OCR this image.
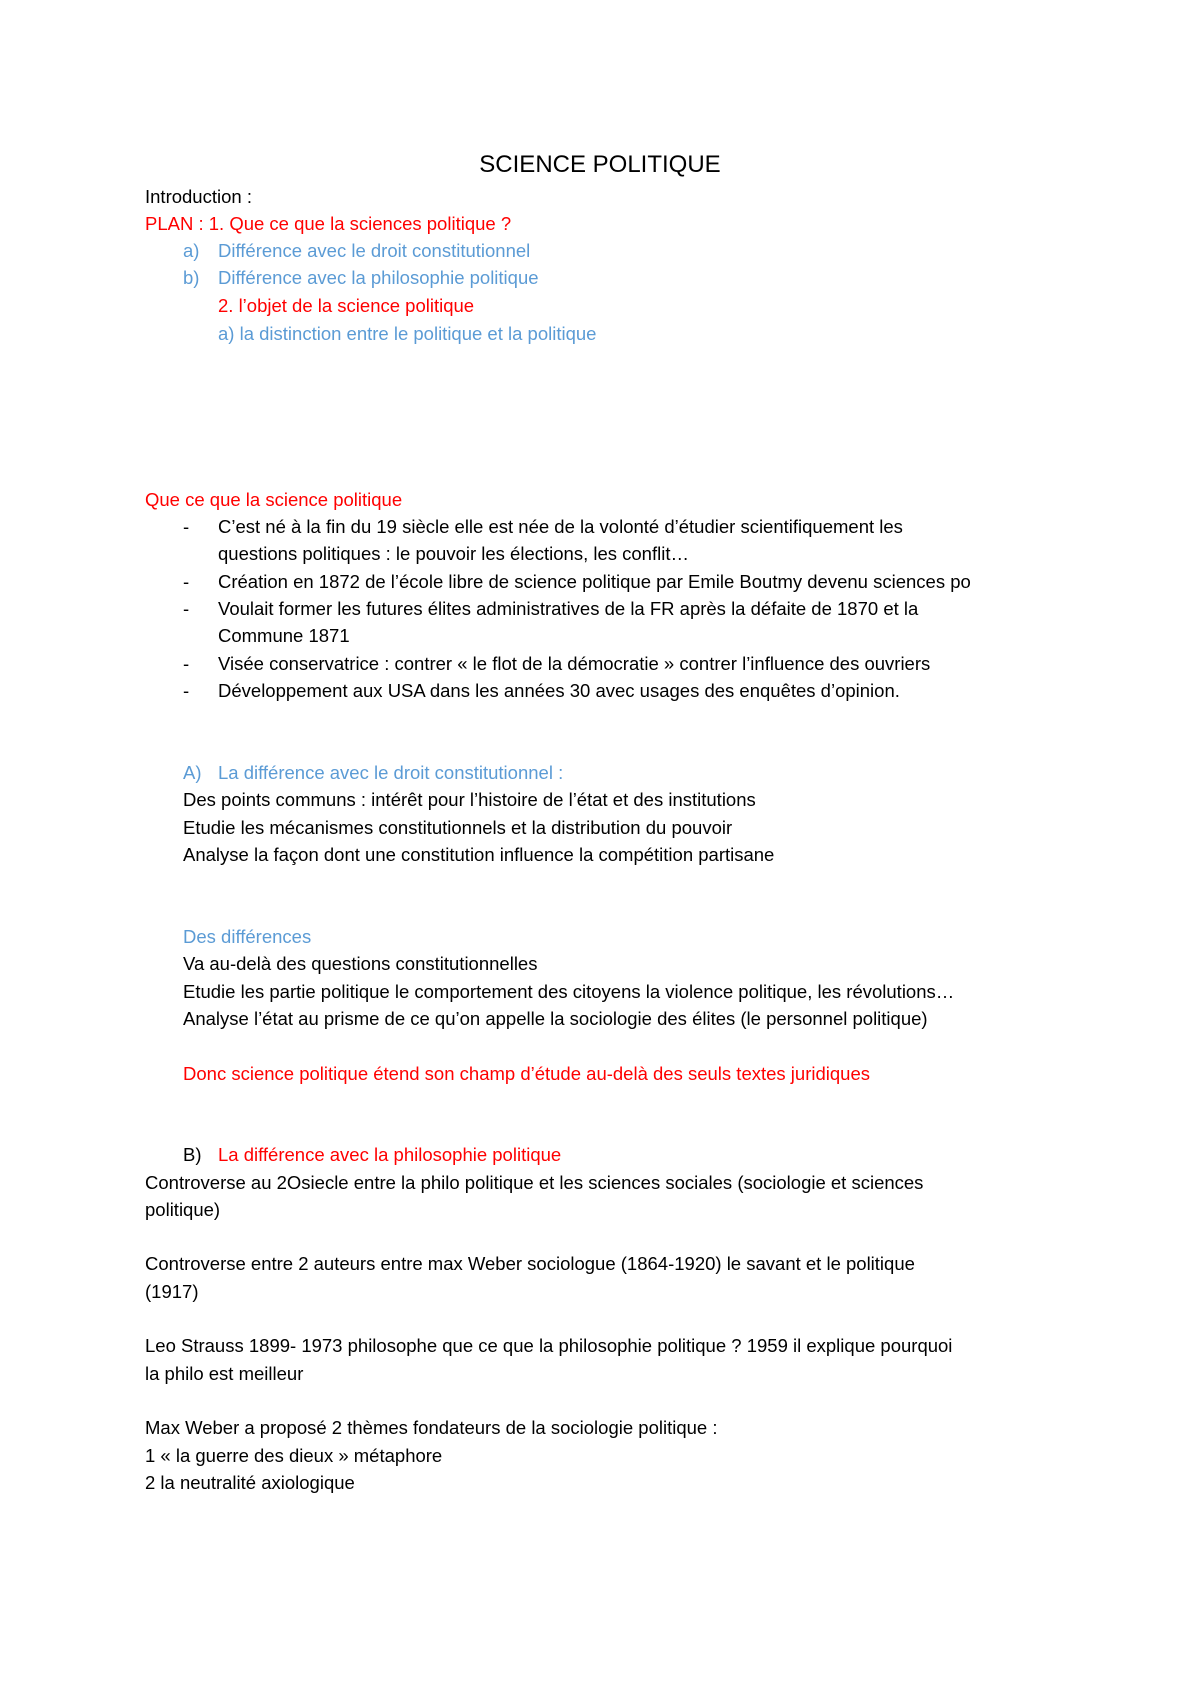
SCIENCE POLITIQUE
Introduction :
PLAN : 1. Que ce que la sciences politique ?
a) Différence avec le droit constitutionnel
b) Différence avec la philosophie politique
2. l’objet de la science politique
a) la distinction entre le politique et la politique
Que ce que la science politique
- C’est né à la fin du 19 siècle elle est née de la volonté d’étudier scientifiquement les
questions politiques : le pouvoir les élections, les conflit…
- Création en 1872 de l’école libre de science politique par Emile Boutmy devenu sciences po
- Voulait former les futures élites administratives de la FR après la défaite de 1870 et la
Commune 1871
- Visée conservatrice : contrer « le flot de la démocratie » contrer l’influence des ouvriers
- Développement aux USA dans les années 30 avec usages des enquêtes d’opinion.
A) La différence avec le droit constitutionnel :
Des points communs : intérêt pour l’histoire de l’état et des institutions
Etudie les mécanismes constitutionnels et la distribution du pouvoir
Analyse la façon dont une constitution influence la compétition partisane
Des différences
Va au-delà des questions constitutionnelles
Etudie les partie politique le comportement des citoyens la violence politique, les révolutions…
Analyse l’état au prisme de ce qu’on appelle la sociologie des élites (le personnel politique)
Donc science politique étend son champ d’étude au-delà des seuls textes juridiques
B) La différence avec la philosophie politique
Controverse au 2Osiecle entre la philo politique et les sciences sociales (sociologie et sciences
politique)
Controverse entre 2 auteurs entre max Weber sociologue (1864-1920) le savant et le politique
(1917)
Leo Strauss 1899- 1973 philosophe que ce que la philosophie politique ? 1959 il explique pourquoi
la philo est meilleur
Max Weber a proposé 2 thèmes fondateurs de la sociologie politique :
1 « la guerre des dieux » métaphore
2 la neutralité axiologique
